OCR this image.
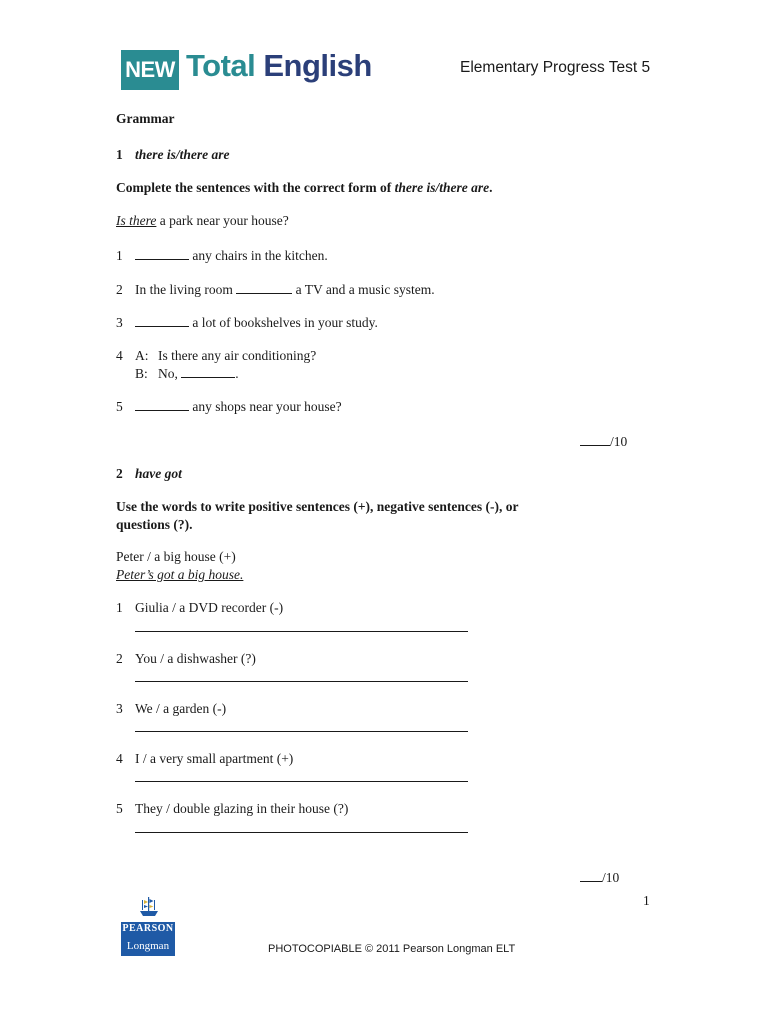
NEW Total English	Elementary Progress Test 5
Grammar
1 there is/there are
Complete the sentences with the correct form of there is/there are.
Is there a park near your house?
1	any chairs in the kitchen.
2 In the living room	a TV and a music system.
3	a lot of bookshelves in your study.
4 A: Is there any air conditioning?
B: No,	.
5	any shops near your house?
/10
2 have got
Use the words to write positive sentences (+), negative sentences (-), or
questions (?).
Peter / a big house (+)
Peter’s got a big house.
1 Giulia / a DVD recorder (-)
2 You / a dishwasher (?)
3 We / a garden (-)
4 I / a very small apartment (+)
5 They / double glazing in their house (?)
/10
1
PEARSON
Longman	PHOTOCOPIABLE © 2011 Pearson Longman ELT
